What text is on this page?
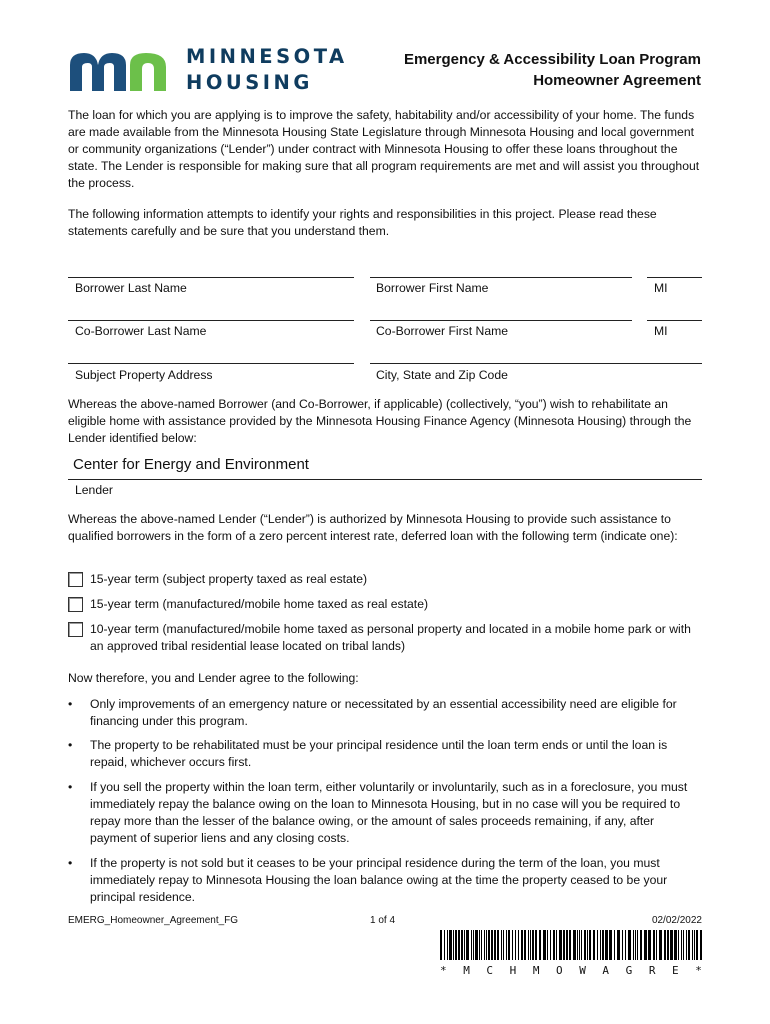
MINNESOTA
HOUSING
Emergency & Accessibility Loan Program
Homeowner Agreement

The loan for which you are applying is to improve the safety, habitability and/or accessibility of your home. The funds are made available from the Minnesota Housing State Legislature through Minnesota Housing and local government or community organizations (“Lender”) under contract with Minnesota Housing to offer these loans throughout the state. The Lender is responsible for making sure that all program requirements are met and will assist you throughout the process.

The following information attempts to identify your rights and responsibilities in this project. Please read these statements carefully and be sure that you understand them.

Borrower Last Name	Borrower First Name	MI
Co-Borrower Last Name	Co-Borrower First Name	MI
Subject Property Address	City, State and Zip Code

Whereas the above-named Borrower (and Co-Borrower, if applicable) (collectively, “you”) wish to rehabilitate an eligible home with assistance provided by the Minnesota Housing Finance Agency (Minnesota Housing) through the Lender identified below:

Center for Energy and Environment
Lender

Whereas the above-named Lender (“Lender”) is authorized by Minnesota Housing to provide such assistance to qualified borrowers in the form of a zero percent interest rate, deferred loan with the following term (indicate one):

15-year term (subject property taxed as real estate)
15-year term (manufactured/mobile home taxed as real estate)
10-year term (manufactured/mobile home taxed as personal property and located in a mobile home park or with an approved tribal residential lease located on tribal lands)

Now therefore, you and Lender agree to the following:

•	Only improvements of an emergency nature or necessitated by an essential accessibility need are eligible for financing under this program.
•	The property to be rehabilitated must be your principal residence until the loan term ends or until the loan is repaid, whichever occurs first.
•	If you sell the property within the loan term, either voluntarily or involuntarily, such as in a foreclosure, you must immediately repay the balance owing on the loan to Minnesota Housing, but in no case will you be required to repay more than the lesser of the balance owing, or the amount of sales proceeds remaining, if any, after payment of superior liens and any closing costs.
•	If the property is not sold but it ceases to be your principal residence during the term of the loan, you must immediately repay to Minnesota Housing the loan balance owing at the time the property ceased to be your principal residence.
EMERG_Homeowner_Agreement_FG	1 of 4	02/02/2022
* M C H M O W A G R E *
